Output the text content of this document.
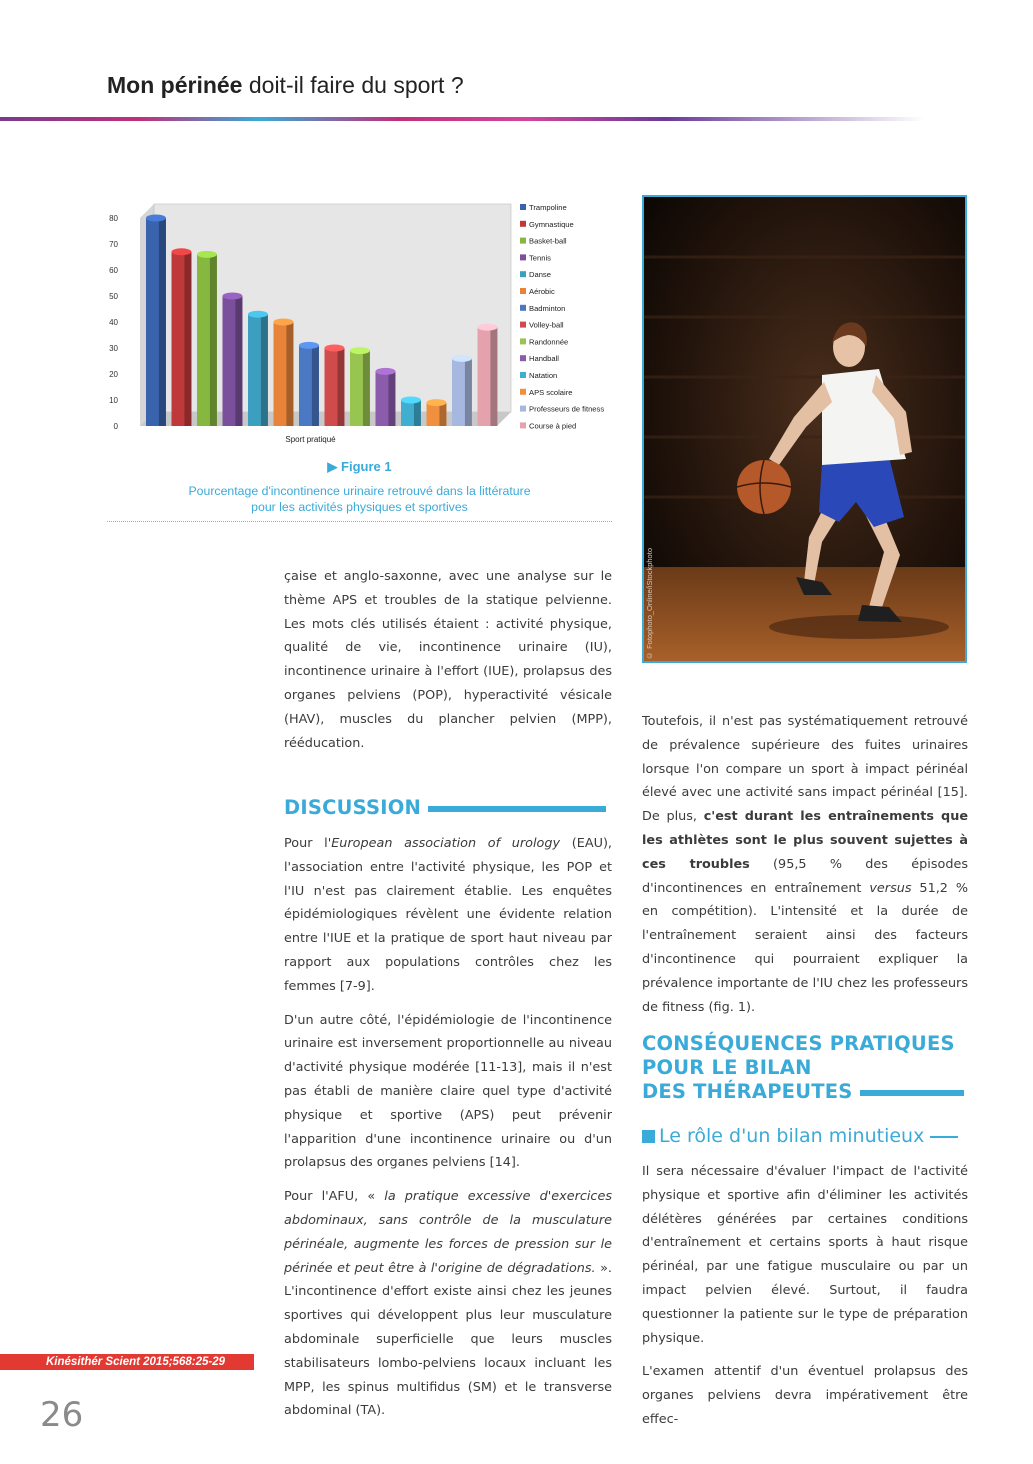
Mon périnée doit-il faire du sport ?
0
10
20
30
40
50
60
70
80
Sport pratiqué
Trampoline
Gymnastique
Basket-ball
Tennis
Danse
Aérobic
Badminton
Volley-ball
Randonnée
Handball
Natation
APS scolaire
Professeurs de fitness
Course à pied
▶ Figure 1
Pourcentage d'incontinence urinaire retrouvé dans la littérature
pour les activités physiques et sportives
© Fotophoto_Online/iStockphoto

çaise et anglo-saxonne, avec une analyse sur le thème APS et troubles de la statique pelvienne. Les mots clés utilisés étaient : activité physique, qualité de vie, incontinence urinaire (IU), incontinence urinaire à l'effort (IUE), prolapsus des organes pelviens (POP), hyperactivité vésicale (HAV), muscles du plancher pelvien (MPP), rééducation.

DISCUSSION

Pour l'European association of urology (EAU), l'association entre l'activité physique, les POP et l'IU n'est pas clairement établie. Les enquêtes épidémiologiques révèlent une évidente relation entre l'IUE et la pratique de sport haut niveau par rapport aux populations contrôles chez les femmes [7-9].

D'un autre côté, l'épidémiologie de l'incontinence urinaire est inversement proportionnelle au niveau d'activité physique modérée [11-13], mais il n'est pas établi de manière claire quel type d'activité physique et sportive (APS) peut prévenir l'apparition d'une incontinence urinaire ou d'un prolapsus des organes pelviens [14].

Pour l'AFU, « la pratique excessive d'exercices abdominaux, sans contrôle de la musculature périnéale, augmente les forces de pression sur le périnée et peut être à l'origine de dégradations. ». L'incontinence d'effort existe ainsi chez les jeunes sportives qui développent plus leur musculature abdominale superficielle que leurs muscles stabilisateurs lombo-pelviens locaux incluant les MPP, les spinus multifidus (SM) et le transverse abdominal (TA).

Toutefois, il n'est pas systématiquement retrouvé de prévalence supérieure des fuites urinaires lorsque l'on compare un sport à impact périnéal élevé avec une activité sans impact périnéal [15]. De plus, c'est durant les entraînements que les athlètes sont le plus souvent sujettes à ces troubles (95,5 % des épisodes d'incontinences en entraînement versus 51,2 % en compétition). L'intensité et la durée de l'entraînement seraient ainsi des facteurs d'incontinence qui pourraient expliquer la prévalence importante de l'IU chez les professeurs de fitness (fig. 1).

CONSÉQUENCES PRATIQUES
POUR LE BILAN
DES THÉRAPEUTES
Le rôle d'un bilan minutieux

Il sera nécessaire d'évaluer l'impact de l'activité physique et sportive afin d'éliminer les activités délétères générées par certaines conditions d'entraînement et certains sports à haut risque périnéal, par une fatigue musculaire ou par un impact pelvien élevé. Surtout, il faudra questionner la patiente sur le type de préparation physique.

L'examen attentif d'un éventuel prolapsus des organes pelviens devra impérativement être effec-

Kinésithér Scient 2015;568:25-29
26
